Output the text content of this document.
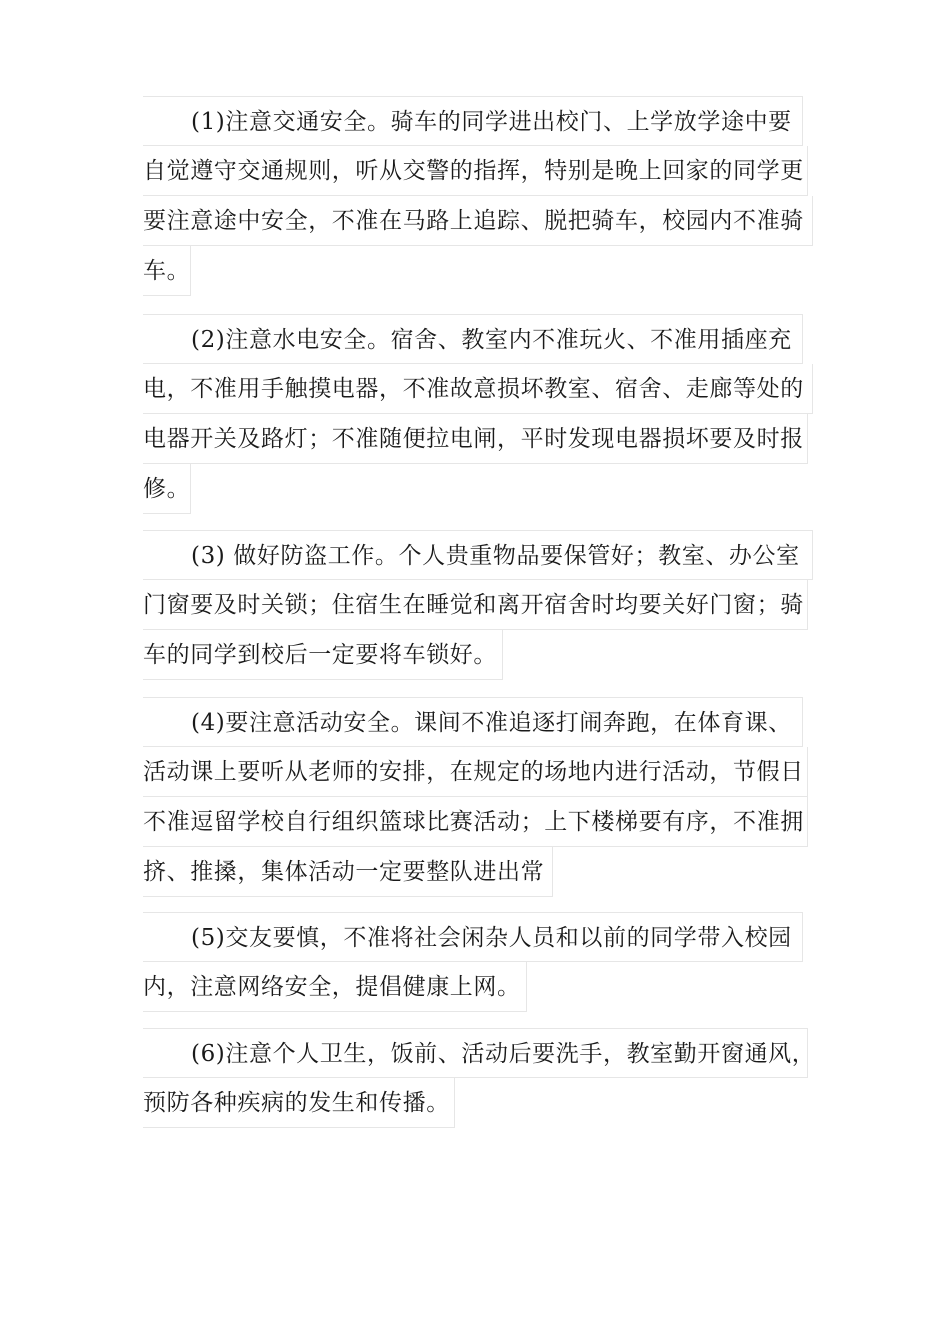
(1)注意交通安全。骑车的同学进出校门、上学放学途中要
自觉遵守交通规则，听从交警的指挥，特别是晚上回家的同学更
要注意途中安全，不准在马路上追踪、脱把骑车，校园内不准骑
车。
(2)注意水电安全。宿舍、教室内不准玩火、不准用插座充
电，不准用手触摸电器，不准故意损坏教室、宿舍、走廊等处的
电器开关及路灯；不准随便拉电闸，平时发现电器损坏要及时报
修。
(3) 做好防盗工作。个人贵重物品要保管好；教室、办公室
门窗要及时关锁；住宿生在睡觉和离开宿舍时均要关好门窗；骑
车的同学到校后一定要将车锁好。
(4)要注意活动安全。课间不准追逐打闹奔跑，在体育课、
活动课上要听从老师的安排，在规定的场地内进行活动，节假日
不准逗留学校自行组织篮球比赛活动；上下楼梯要有序，不准拥
挤、推搡，集体活动一定要整队进出常
(5)交友要慎，不准将社会闲杂人员和以前的同学带入校园
内，注意网络安全，提倡健康上网。
(6)注意个人卫生，饭前、活动后要洗手，教室勤开窗通风，
预防各种疾病的发生和传播。
